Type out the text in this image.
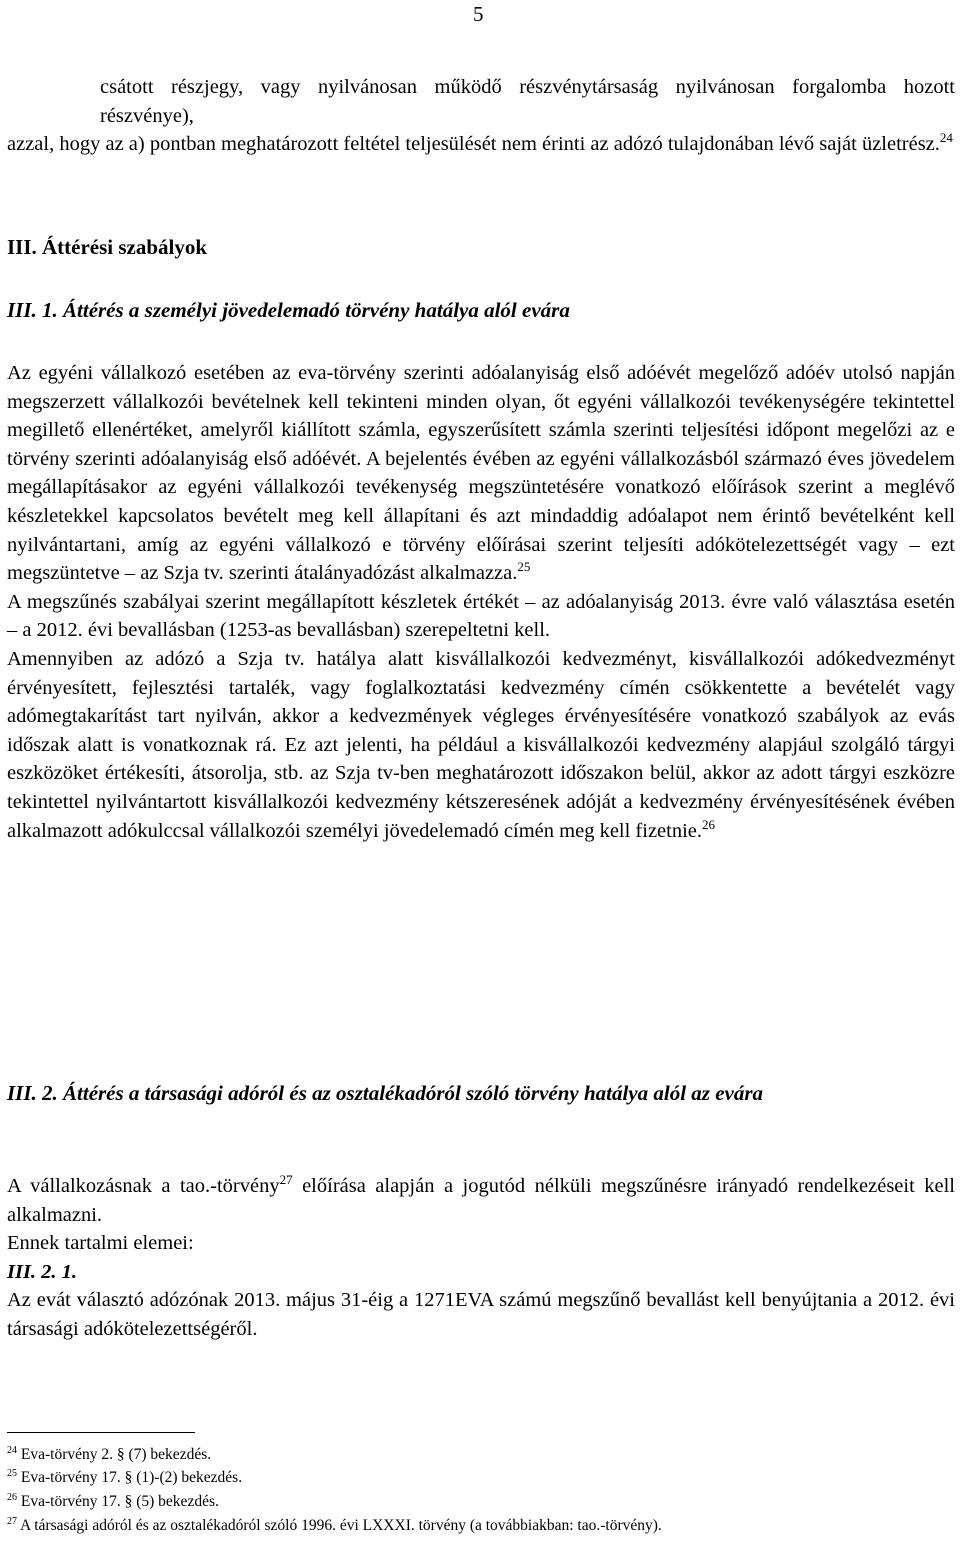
5
csátott részjegy, vagy nyilvánosan működő részvénytársaság nyilvánosan forgalomba hozott részvénye),
azzal, hogy az a) pontban meghatározott feltétel teljesülését nem érinti az adózó tulajdonában lévő saját üzletrész.$^{24}$
III. Áttérési szabályok
III. 1. Áttérés a személyi jövedelemadó törvény hatálya alól evára
Az egyéni vállalkozó esetében az eva-törvény szerinti adóalanyiság első adóévét megelőző adóév utolsó napján megszerzett vállalkozói bevételnek kell tekinteni minden olyan, őt egyéni vállalkozói tevékenységére tekintettel megillető ellenértéket, amelyről kiállított számla, egyszerűsített számla szerinti teljesítési időpont megelőzi az e törvény szerinti adóalanyiság első adóévét. A bejelentés évében az egyéni vállalkozásból származó éves jövedelem megállapításakor az egyéni vállalkozói tevékenység megszüntetésére vonatkozó előírások szerint a meglévő készletekkel kapcsolatos bevételt meg kell állapítani és azt mindaddig adóalapot nem érintő bevételként kell nyilvántartani, amíg az egyéni vállalkozó e törvény előírásai szerint teljesíti adókötelezettségét vagy – ezt megszüntetve – az Szja tv. szerinti átalányadózást alkalmazza.$^{25}$
A megszűnés szabályai szerint megállapított készletek értékét – az adóalanyiság 2013. évre való választása esetén – a 2012. évi bevallásban (1253-as bevallásban) szerepeltetni kell.
Amennyiben az adózó a Szja tv. hatálya alatt kisvállalkozói kedvezményt, kisvállalkozói adókedvezményt érvényesített, fejlesztési tartalék, vagy foglalkoztatási kedvezmény címén csökkentette a bevételét vagy adómegtakarítást tart nyilván, akkor a kedvezmények végleges érvényesítésére vonatkozó szabályok az evás időszak alatt is vonatkoznak rá. Ez azt jelenti, ha például a kisvállalkozói kedvezmény alapjául szolgáló tárgyi eszközöket értékesíti, átsorolja, stb. az Szja tv-ben meghatározott időszakon belül, akkor az adott tárgyi eszközre tekintettel nyilvántartott kisvállalkozói kedvezmény kétszeresének adóját a kedvezmény érvényesítésének évében alkalmazott adókulccsal vállalkozói személyi jövedelemadó címén meg kell fizetnie.$^{26}$
III. 2. Áttérés a társasági adóról és az osztalékadóról szóló törvény hatálya alól az evára
A vállalkozásnak a tao.-törvény$^{27}$ előírása alapján a jogutód nélküli megszűnésre irányadó rendelkezéseit kell alkalmazni.
Ennek tartalmi elemei:
III. 2. 1.
Az evát választó adózónak 2013. május 31-éig a 1271EVA számú megszűnő bevallást kell benyújtania a 2012. évi társasági adókötelezettségéről.
$^{24}$ Eva-törvény 2. § (7) bekezdés.
$^{25}$ Eva-törvény 17. § (1)-(2) bekezdés.
$^{26}$ Eva-törvény 17. § (5) bekezdés.
$^{27}$ A társasági adóról és az osztalékadóról szóló 1996. évi LXXXI. törvény (a továbbiakban: tao.-törvény).
